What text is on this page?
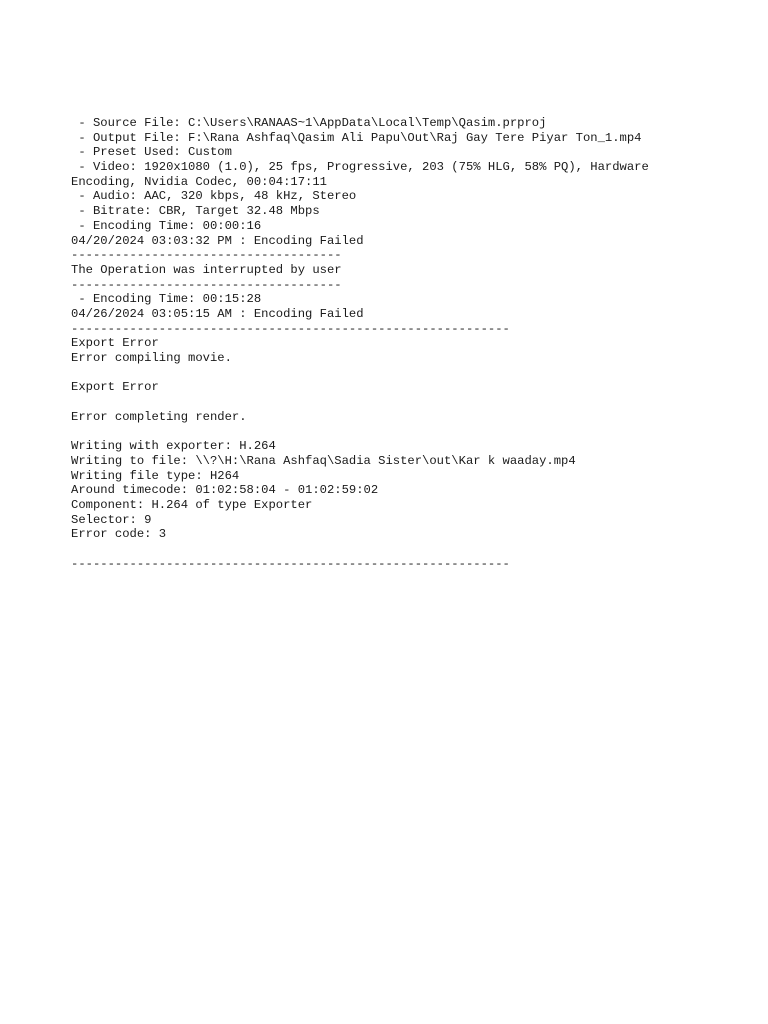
- Source File: C:\Users\RANAAS~1\AppData\Local\Temp\Qasim.prproj
- Output File: F:\Rana Ashfaq\Qasim Ali Papu\Out\Raj Gay Tere Piyar Ton_1.mp4
- Preset Used: Custom
- Video: 1920x1080 (1.0), 25 fps, Progressive, 203 (75% HLG, 58% PQ), Hardware
Encoding, Nvidia Codec, 00:04:17:11
- Audio: AAC, 320 kbps, 48 kHz, Stereo
- Bitrate: CBR, Target 32.48 Mbps
- Encoding Time: 00:00:16
04/20/2024 03:03:32 PM : Encoding Failed
-------------------------------------
The Operation was interrupted by user
-------------------------------------
- Encoding Time: 00:15:28
04/26/2024 03:05:15 AM : Encoding Failed
------------------------------------------------------------
Export Error
Error compiling movie.
Export Error
Error completing render.
Writing with exporter: H.264
Writing to file: \\?\H:\Rana Ashfaq\Sadia Sister\out\Kar k waaday.mp4
Writing file type: H264
Around timecode: 01:02:58:04 - 01:02:59:02
Component: H.264 of type Exporter
Selector: 9
Error code: 3
------------------------------------------------------------
